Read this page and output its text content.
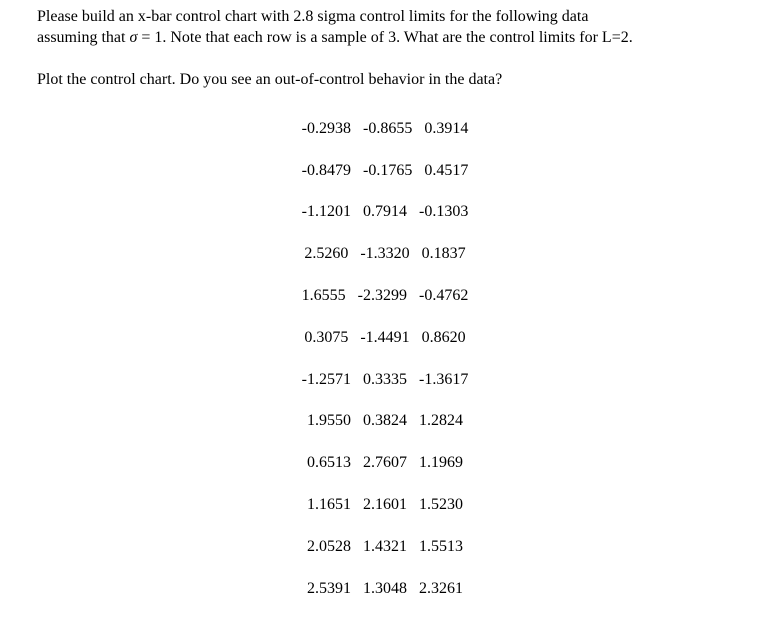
Please build an x-bar control chart with 2.8 sigma control limits for the following data
assuming that σ = 1. Note that each row is a sample of 3. What are the control limits for L=2.

Plot the control chart. Do you see an out-of-control behavior in the data?

-0.2938 -0.8655 0.3914
-0.8479 -0.1765 0.4517
-1.1201 0.7914 -0.1303
2.5260 -1.3320 0.1837
1.6555 -2.3299 -0.4762
0.3075 -1.4491 0.8620
-1.2571 0.3335 -1.3617
1.9550 0.3824 1.2824
0.6513 2.7607 1.1969
1.1651 2.1601 1.5230
2.0528 1.4321 1.5513
2.5391 1.3048 2.3261
